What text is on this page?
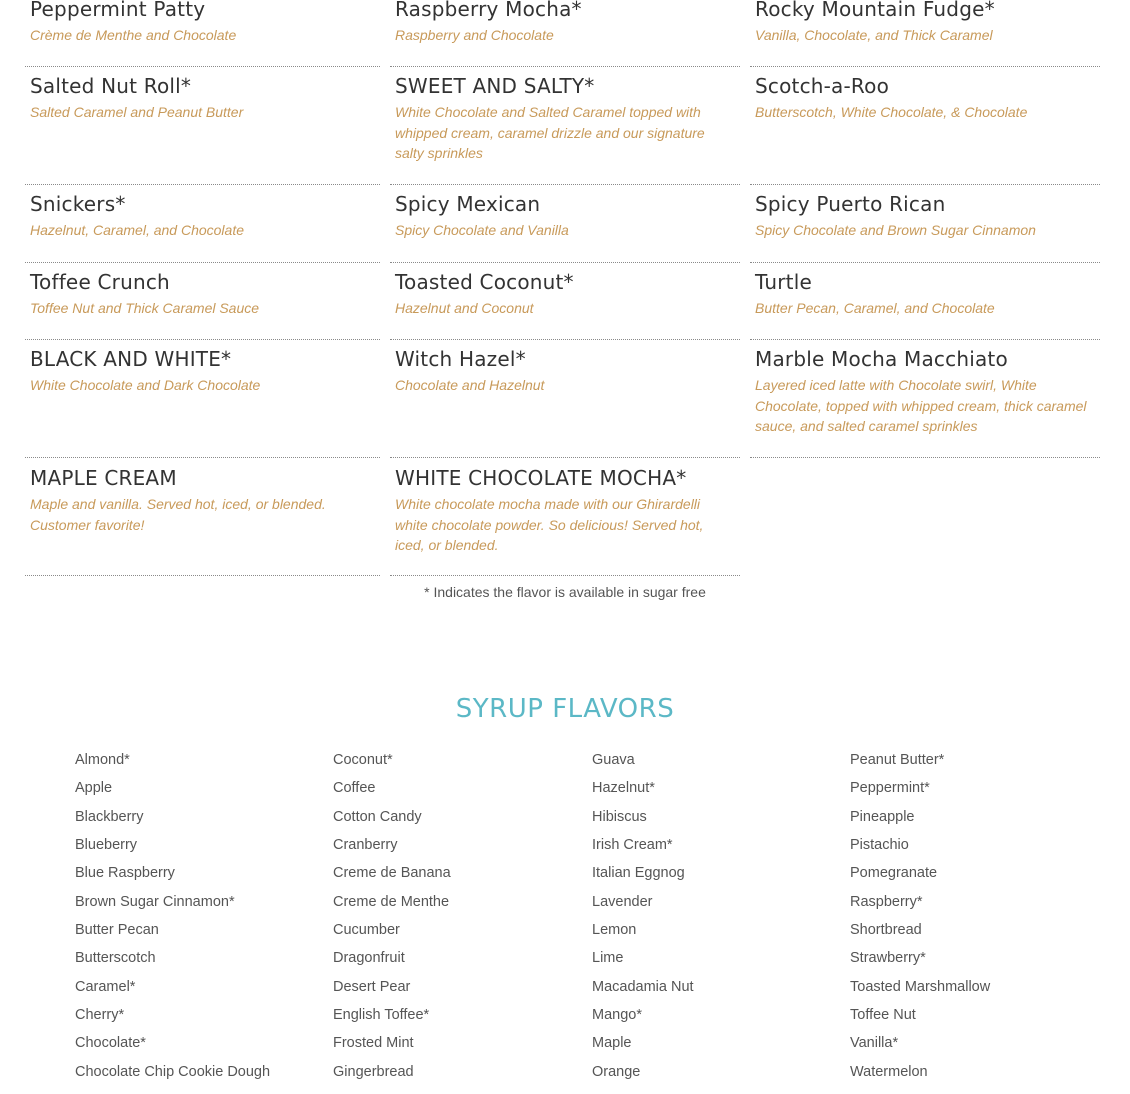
Peppermint Patty
Crème de Menthe and Chocolate
Salted Nut Roll*
Salted Caramel and Peanut Butter
Snickers*
Hazelnut, Caramel, and Chocolate
Toffee Crunch
Toffee Nut and Thick Caramel Sauce
BLACK AND WHITE*
White Chocolate and Dark Chocolate
MAPLE CREAM
Maple and vanilla. Served hot, iced, or blended. Customer favorite!
Raspberry Mocha*
Raspberry and Chocolate
SWEET AND SALTY*
White Chocolate and Salted Caramel topped with whipped cream, caramel drizzle and our signature salty sprinkles
Spicy Mexican
Spicy Chocolate and Vanilla
Toasted Coconut*
Hazelnut and Coconut
Witch Hazel*
Chocolate and Hazelnut
WHITE CHOCOLATE MOCHA*
White chocolate mocha made with our Ghirardelli white chocolate powder. So delicious! Served hot, iced, or blended.
Rocky Mountain Fudge*
Vanilla, Chocolate, and Thick Caramel
Scotch-a-Roo
Butterscotch, White Chocolate, & Chocolate
Spicy Puerto Rican
Spicy Chocolate and Brown Sugar Cinnamon
Turtle
Butter Pecan, Caramel, and Chocolate
Marble Mocha Macchiato
Layered iced latte with Chocolate swirl, White Chocolate, topped with whipped cream, thick caramel sauce, and salted caramel sprinkles
* Indicates the flavor is available in sugar free
SYRUP FLAVORS
Almond*
Apple
Blackberry
Blueberry
Blue Raspberry
Brown Sugar Cinnamon*
Butter Pecan
Butterscotch
Caramel*
Cherry*
Chocolate*
Chocolate Chip Cookie Dough
Coconut*
Coffee
Cotton Candy
Cranberry
Creme de Banana
Creme de Menthe
Cucumber
Dragonfruit
Desert Pear
English Toffee*
Frosted Mint
Gingerbread
Guava
Hazelnut*
Hibiscus
Irish Cream*
Italian Eggnog
Lavender
Lemon
Lime
Macadamia Nut
Mango*
Maple
Orange
Peanut Butter*
Peppermint*
Pineapple
Pistachio
Pomegranate
Raspberry*
Shortbread
Strawberry*
Toasted Marshmallow
Toffee Nut
Vanilla*
Watermelon
